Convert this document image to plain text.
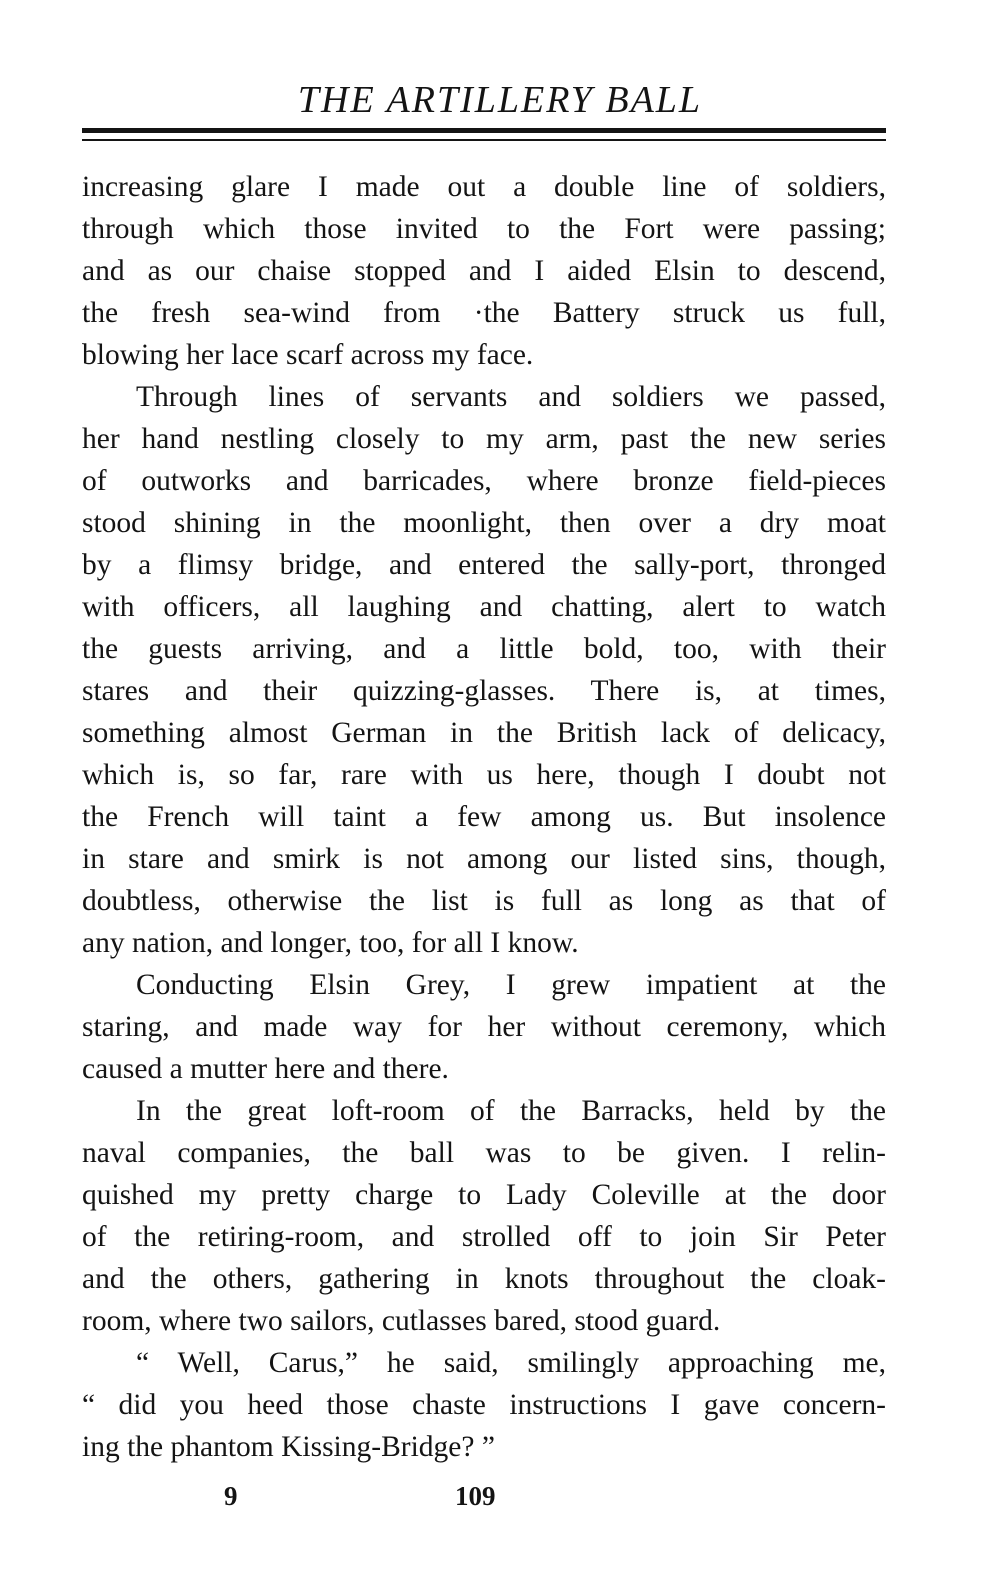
THE ARTILLERY BALL

increasing glare I made out a double line of soldiers,
through which those invited to the Fort were passing;
and as our chaise stopped and I aided Elsin to descend,
the fresh sea-wind from ·the Battery struck us full,

blowing her lace scarf across my face.

Through lines of servants and soldiers we passed,

her hand nestling closely to my arm, past the new series
of outworks and barricades, where bronze field-pieces
stood shining in the moonlight, then over a dry moat
by a flimsy bridge, and entered the sally-port, thronged
with officers, all laughing and chatting, alert to watch
the guests arriving, and a little bold, too, with their
stares and their quizzing-glasses. There is, at times,
something almost German in the British lack of delicacy,
which is, so far, rare with us here, though I doubt not
the French will taint a few among us. But insolence
in stare and smirk is not among our listed sins, though,
doubtless, otherwise the list is full as long as that of

any nation, and longer, too, for all I know.

Conducting Elsin Grey, I grew impatient at the

staring, and made way for her without ceremony, which

caused a mutter here and there.

In the great loft-room of the Barracks, held by the

naval companies, the ball was to be given. I relin-
quished my pretty charge to Lady Coleville at the door
of the retiring-room, and strolled off to join Sir Peter
and the others, gathering in knots throughout the cloak-

room, where two sailors, cutlasses bared, stood guard.

“ Well, Carus,” he said, smilingly approaching me,

“ did you heed those chaste instructions I gave concern-

ing the phantom Kissing-Bridge? ”

9	109
